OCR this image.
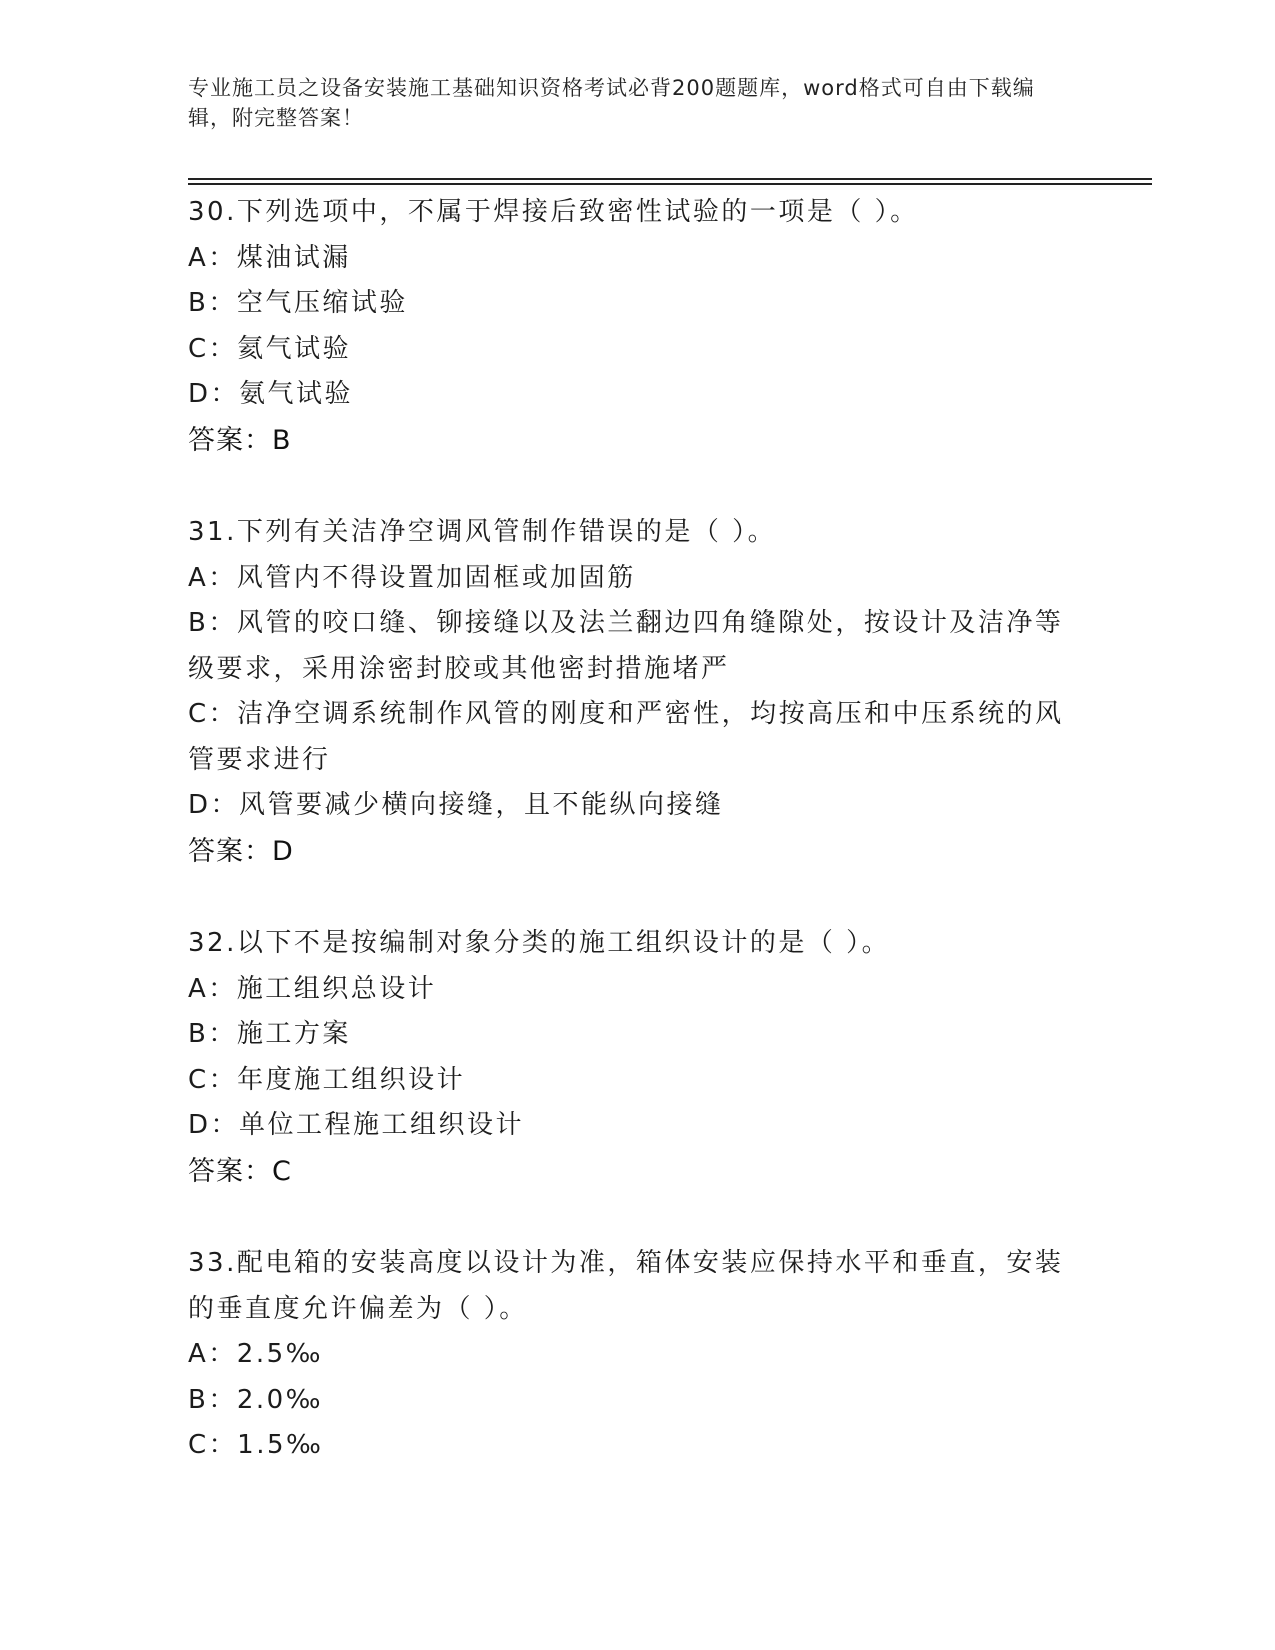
专业施工员之设备安装施工基础知识资格考试必背200题题库，word格式可自由下载编辑，附完整答案！
30.下列选项中，不属于焊接后致密性试验的一项是（ ）。
A：煤油试漏
B：空气压缩试验
C：氦气试验
D：氨气试验
答案：B
31.下列有关洁净空调风管制作错误的是（ ）。
A：风管内不得设置加固框或加固筋
B：风管的咬口缝、铆接缝以及法兰翻边四角缝隙处，按设计及洁净等级要求，采用涂密封胶或其他密封措施堵严
C：洁净空调系统制作风管的刚度和严密性，均按高压和中压系统的风管要求进行
D：风管要减少横向接缝，且不能纵向接缝
答案：D
32.以下不是按编制对象分类的施工组织设计的是（ ）。
A：施工组织总设计
B：施工方案
C：年度施工组织设计
D：单位工程施工组织设计
答案：C
33.配电箱的安装高度以设计为准，箱体安装应保持水平和垂直，安装的垂直度允许偏差为（ ）。
A：2.5‰
B：2.0‰
C：1.5‰
